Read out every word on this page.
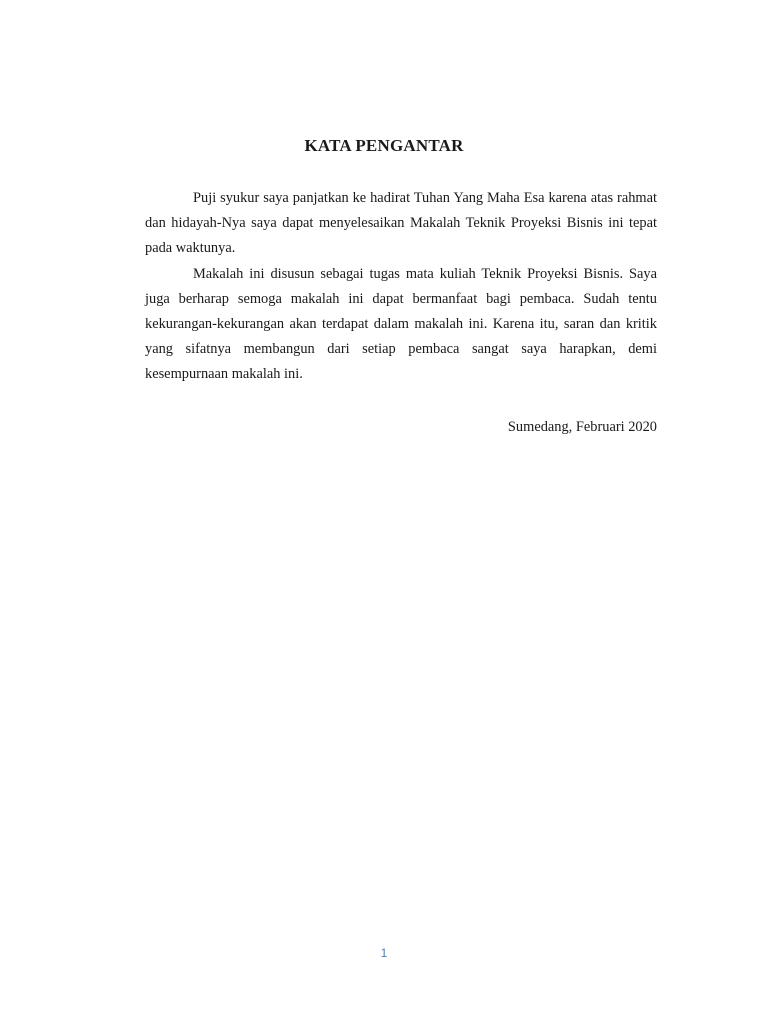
KATA PENGANTAR

Puji syukur saya panjatkan ke hadirat Tuhan Yang Maha Esa karena atas rahmat dan hidayah-Nya saya dapat menyelesaikan Makalah Teknik Proyeksi Bisnis ini tepat pada waktunya.

Makalah ini disusun sebagai tugas mata kuliah Teknik Proyeksi Bisnis. Saya juga berharap semoga makalah ini dapat bermanfaat bagi pembaca. Sudah tentu kekurangan-kekurangan akan terdapat dalam makalah ini. Karena itu, saran dan kritik yang sifatnya membangun dari setiap pembaca sangat saya harapkan, demi kesempurnaan makalah ini.

Sumedang, Februari 2020

1
